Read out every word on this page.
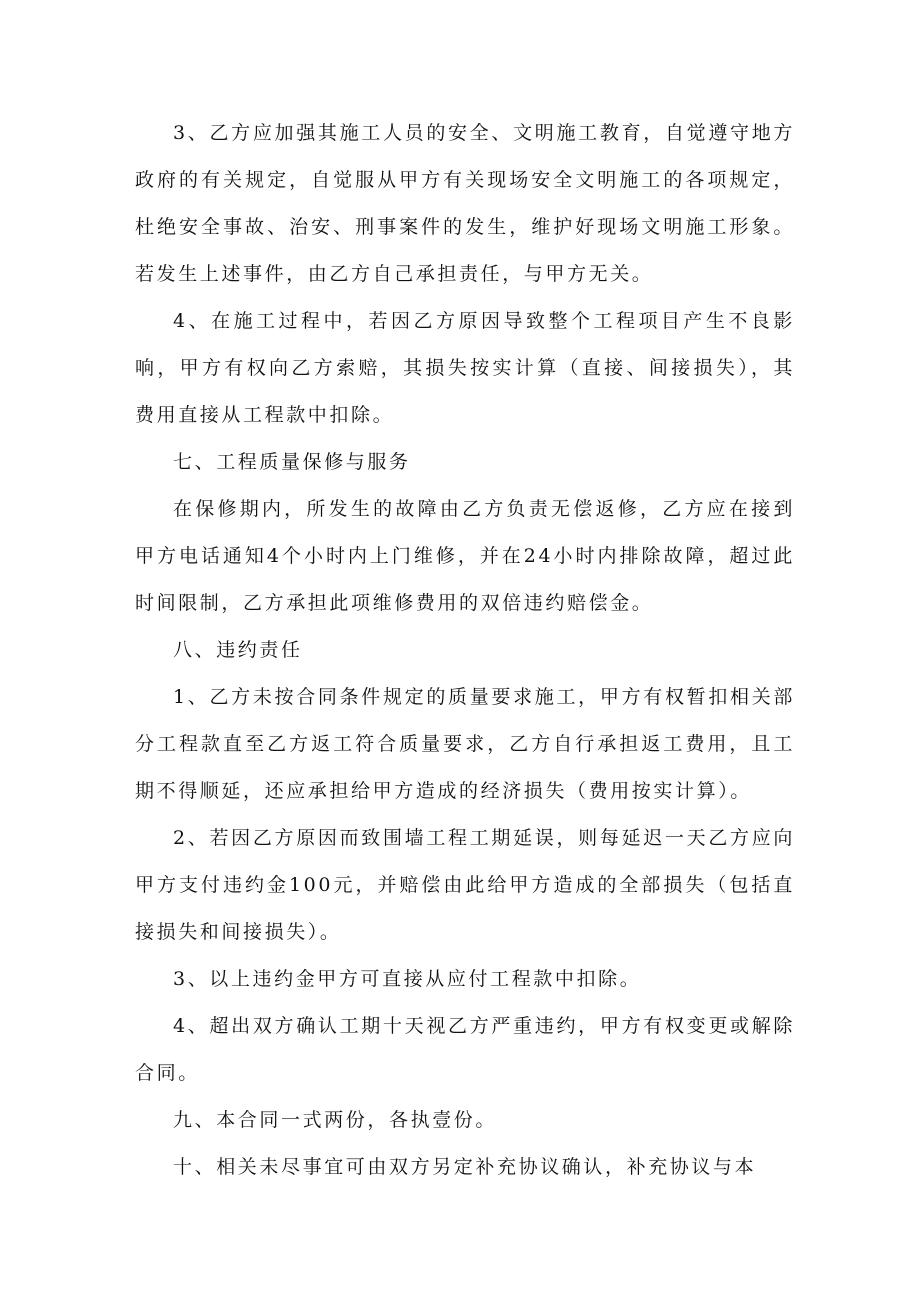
3、乙方应加强其施工人员的安全、文明施工教育，自觉遵守地方政府的有关规定，自觉服从甲方有关现场安全文明施工的各项规定，杜绝安全事故、治安、刑事案件的发生，维护好现场文明施工形象。若发生上述事件，由乙方自己承担责任，与甲方无关。

4、在施工过程中，若因乙方原因导致整个工程项目产生不良影响，甲方有权向乙方索赔，其损失按实计算（直接、间接损失），其费用直接从工程款中扣除。

七、工程质量保修与服务

在保修期内，所发生的故障由乙方负责无偿返修，乙方应在接到甲方电话通知4个小时内上门维修，并在24小时内排除故障，超过此时间限制，乙方承担此项维修费用的双倍违约赔偿金。

八、违约责任

1、乙方未按合同条件规定的质量要求施工，甲方有权暂扣相关部分工程款直至乙方返工符合质量要求，乙方自行承担返工费用，且工期不得顺延，还应承担给甲方造成的经济损失（费用按实计算）。

2、若因乙方原因而致围墙工程工期延误，则每延迟一天乙方应向甲方支付违约金100元，并赔偿由此给甲方造成的全部损失（包括直接损失和间接损失）。

3、以上违约金甲方可直接从应付工程款中扣除。

4、超出双方确认工期十天视乙方严重违约，甲方有权变更或解除合同。

九、本合同一式两份，各执壹份。

十、相关未尽事宜可由双方另定补充协议确认，补充协议与本
